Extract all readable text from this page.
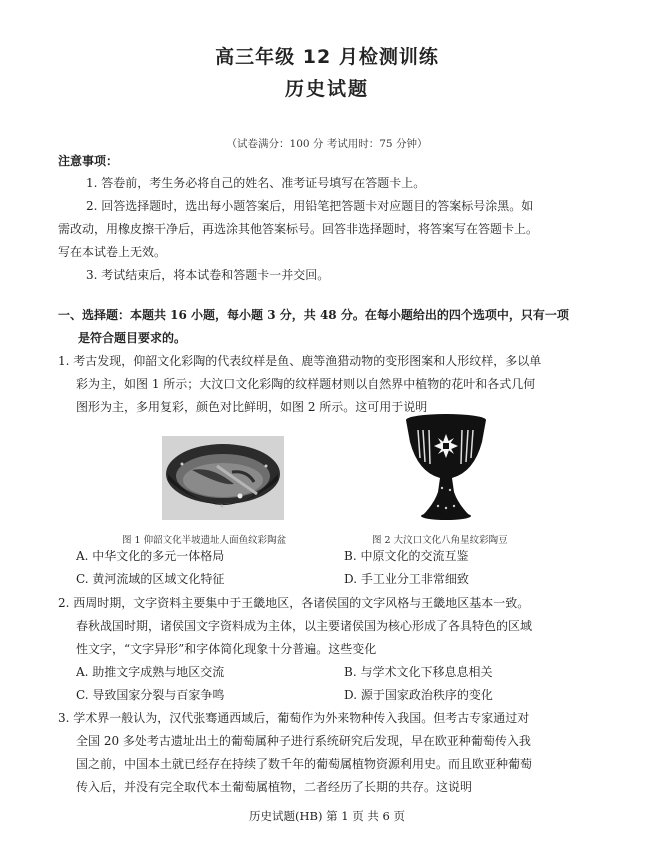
高三年级 12 月检测训练
历史试题
（试卷满分：100 分 考试用时：75 分钟）
注意事项：
1. 答卷前，考生务必将自己的姓名、准考证号填写在答题卡上。
2. 回答选择题时，选出每小题答案后，用铅笔把答题卡对应题目的答案标号涂黑。如
需改动，用橡皮擦干净后，再选涂其他答案标号。回答非选择题时，将答案写在答题卡上。
写在本试卷上无效。
3. 考试结束后，将本试卷和答题卡一并交回。
一、选择题：本题共 16 小题，每小题 3 分，共 48 分。在每小题给出的四个选项中，只有一项
是符合题目要求的。
1. 考古发现，仰韶文化彩陶的代表纹样是鱼、鹿等渔猎动物的变形图案和人形纹样，多以单
彩为主，如图 1 所示；大汶口文化彩陶的纹样题材则以自然界中植物的花叶和各式几何
图形为主，多用复彩，颜色对比鲜明，如图 2 所示。这可用于说明
图 1 仰韶文化半坡遗址人面鱼纹彩陶盆	图 2 大汶口文化八角星纹彩陶豆
A. 中华文化的多元一体格局	B. 中原文化的交流互鉴
C. 黄河流域的区域文化特征	D. 手工业分工非常细致
2. 西周时期，文字资料主要集中于王畿地区，各诸侯国的文字风格与王畿地区基本一致。
春秋战国时期，诸侯国文字资料成为主体，以主要诸侯国为核心形成了各具特色的区域
性文字，“文字异形”和字体简化现象十分普遍。这些变化
A. 助推文字成熟与地区交流	B. 与学术文化下移息息相关
C. 导致国家分裂与百家争鸣	D. 源于国家政治秩序的变化
3. 学术界一般认为，汉代张骞通西域后，葡萄作为外来物种传入我国。但考古专家通过对
全国 20 多处考古遗址出土的葡萄属种子进行系统研究后发现，早在欧亚种葡萄传入我
国之前，中国本土就已经存在持续了数千年的葡萄属植物资源利用史。而且欧亚种葡萄
传入后，并没有完全取代本土葡萄属植物，二者经历了长期的共存。这说明
历史试题(HB) 第 1 页 共 6 页
